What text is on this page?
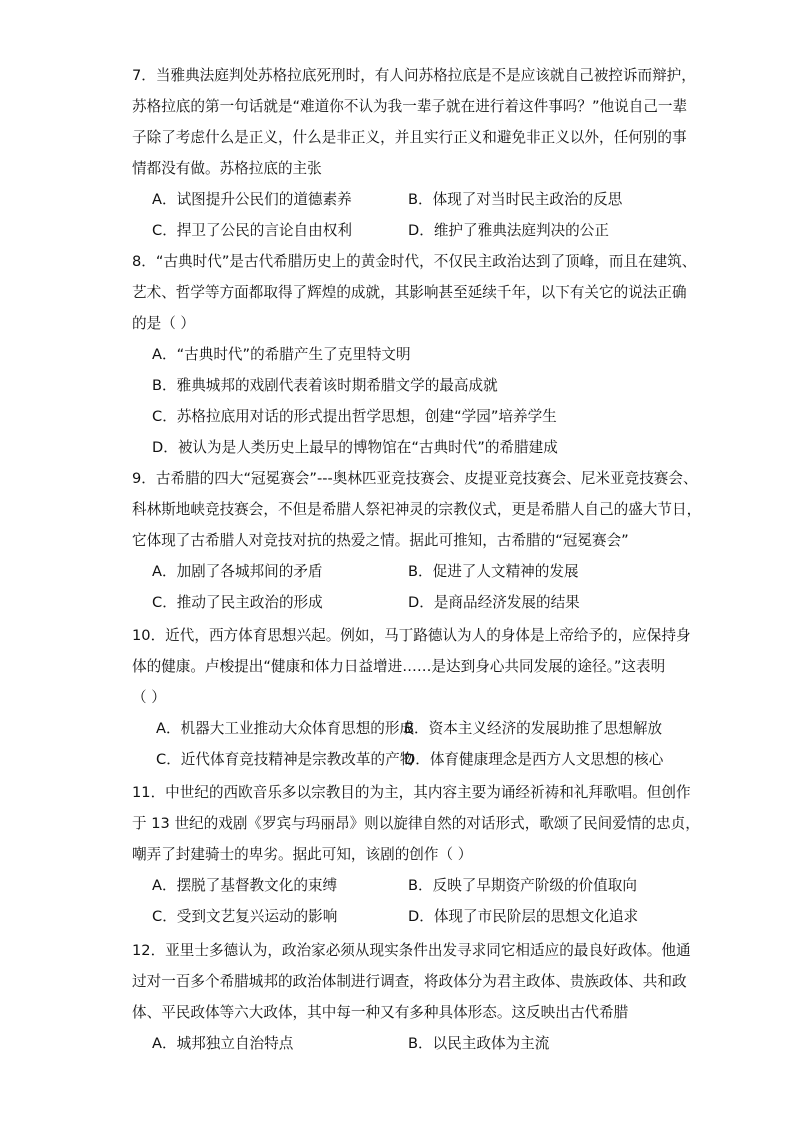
7．当雅典法庭判处苏格拉底死刑时，有人问苏格拉底是不是应该就自己被控诉而辩护，
苏格拉底的第一句话就是“难道你不认为我一辈子就在进行着这件事吗？”他说自己一辈
子除了考虑什么是正义，什么是非正义，并且实行正义和避免非正义以外，任何别的事
情都没有做。苏格拉底的主张
A．试图提升公民们的道德素养	B．体现了对当时民主政治的反思
C．捍卫了公民的言论自由权利	D．维护了雅典法庭判决的公正
8．“古典时代”是古代希腊历史上的黄金时代，不仅民主政治达到了顶峰，而且在建筑、
艺术、哲学等方面都取得了辉煌的成就，其影响甚至延续千年，以下有关它的说法正确
的是（ ）
A．“古典时代”的希腊产生了克里特文明
B．雅典城邦的戏剧代表着该时期希腊文学的最高成就
C．苏格拉底用对话的形式提出哲学思想，创建“学园”培养学生
D．被认为是人类历史上最早的博物馆在“古典时代”的希腊建成
9．古希腊的四大“冠冕赛会”---奥林匹亚竞技赛会、皮提亚竞技赛会、尼米亚竞技赛会、
科林斯地峡竞技赛会，不但是希腊人祭祀神灵的宗教仪式，更是希腊人自己的盛大节日，
它体现了古希腊人对竞技对抗的热爱之情。据此可推知，古希腊的“冠冕赛会”
A．加剧了各城邦间的矛盾	B．促进了人文精神的发展
C．推动了民主政治的形成	D．是商品经济发展的结果
10．近代，西方体育思想兴起。例如，马丁路德认为人的身体是上帝给予的，应保持身
体的健康。卢梭提出“健康和体力日益增进……是达到身心共同发展的途径。”这表明
（ ）
A．机器大工业推动大众体育思想的形成
B．资本主义经济的发展助推了思想解放
C．近代体育竞技精神是宗教改革的产物
D．体育健康理念是西方人文思想的核心
11．中世纪的西欧音乐多以宗教目的为主，其内容主要为诵经祈祷和礼拜歌唱。但创作
于 13 世纪的戏剧《罗宾与玛丽昂》则以旋律自然的对话形式，歌颂了民间爱情的忠贞，
嘲弄了封建骑士的卑劣。据此可知，该剧的创作（ ）
A．摆脱了基督教文化的束缚	B．反映了早期资产阶级的价值取向
C．受到文艺复兴运动的影响	D．体现了市民阶层的思想文化追求
12．亚里士多德认为，政治家必须从现实条件出发寻求同它相适应的最良好政体。他通
过对一百多个希腊城邦的政治体制进行调查，将政体分为君主政体、贵族政体、共和政
体、平民政体等六大政体，其中每一种又有多种具体形态。这反映出古代希腊
A．城邦独立自治特点	B．以民主政体为主流
